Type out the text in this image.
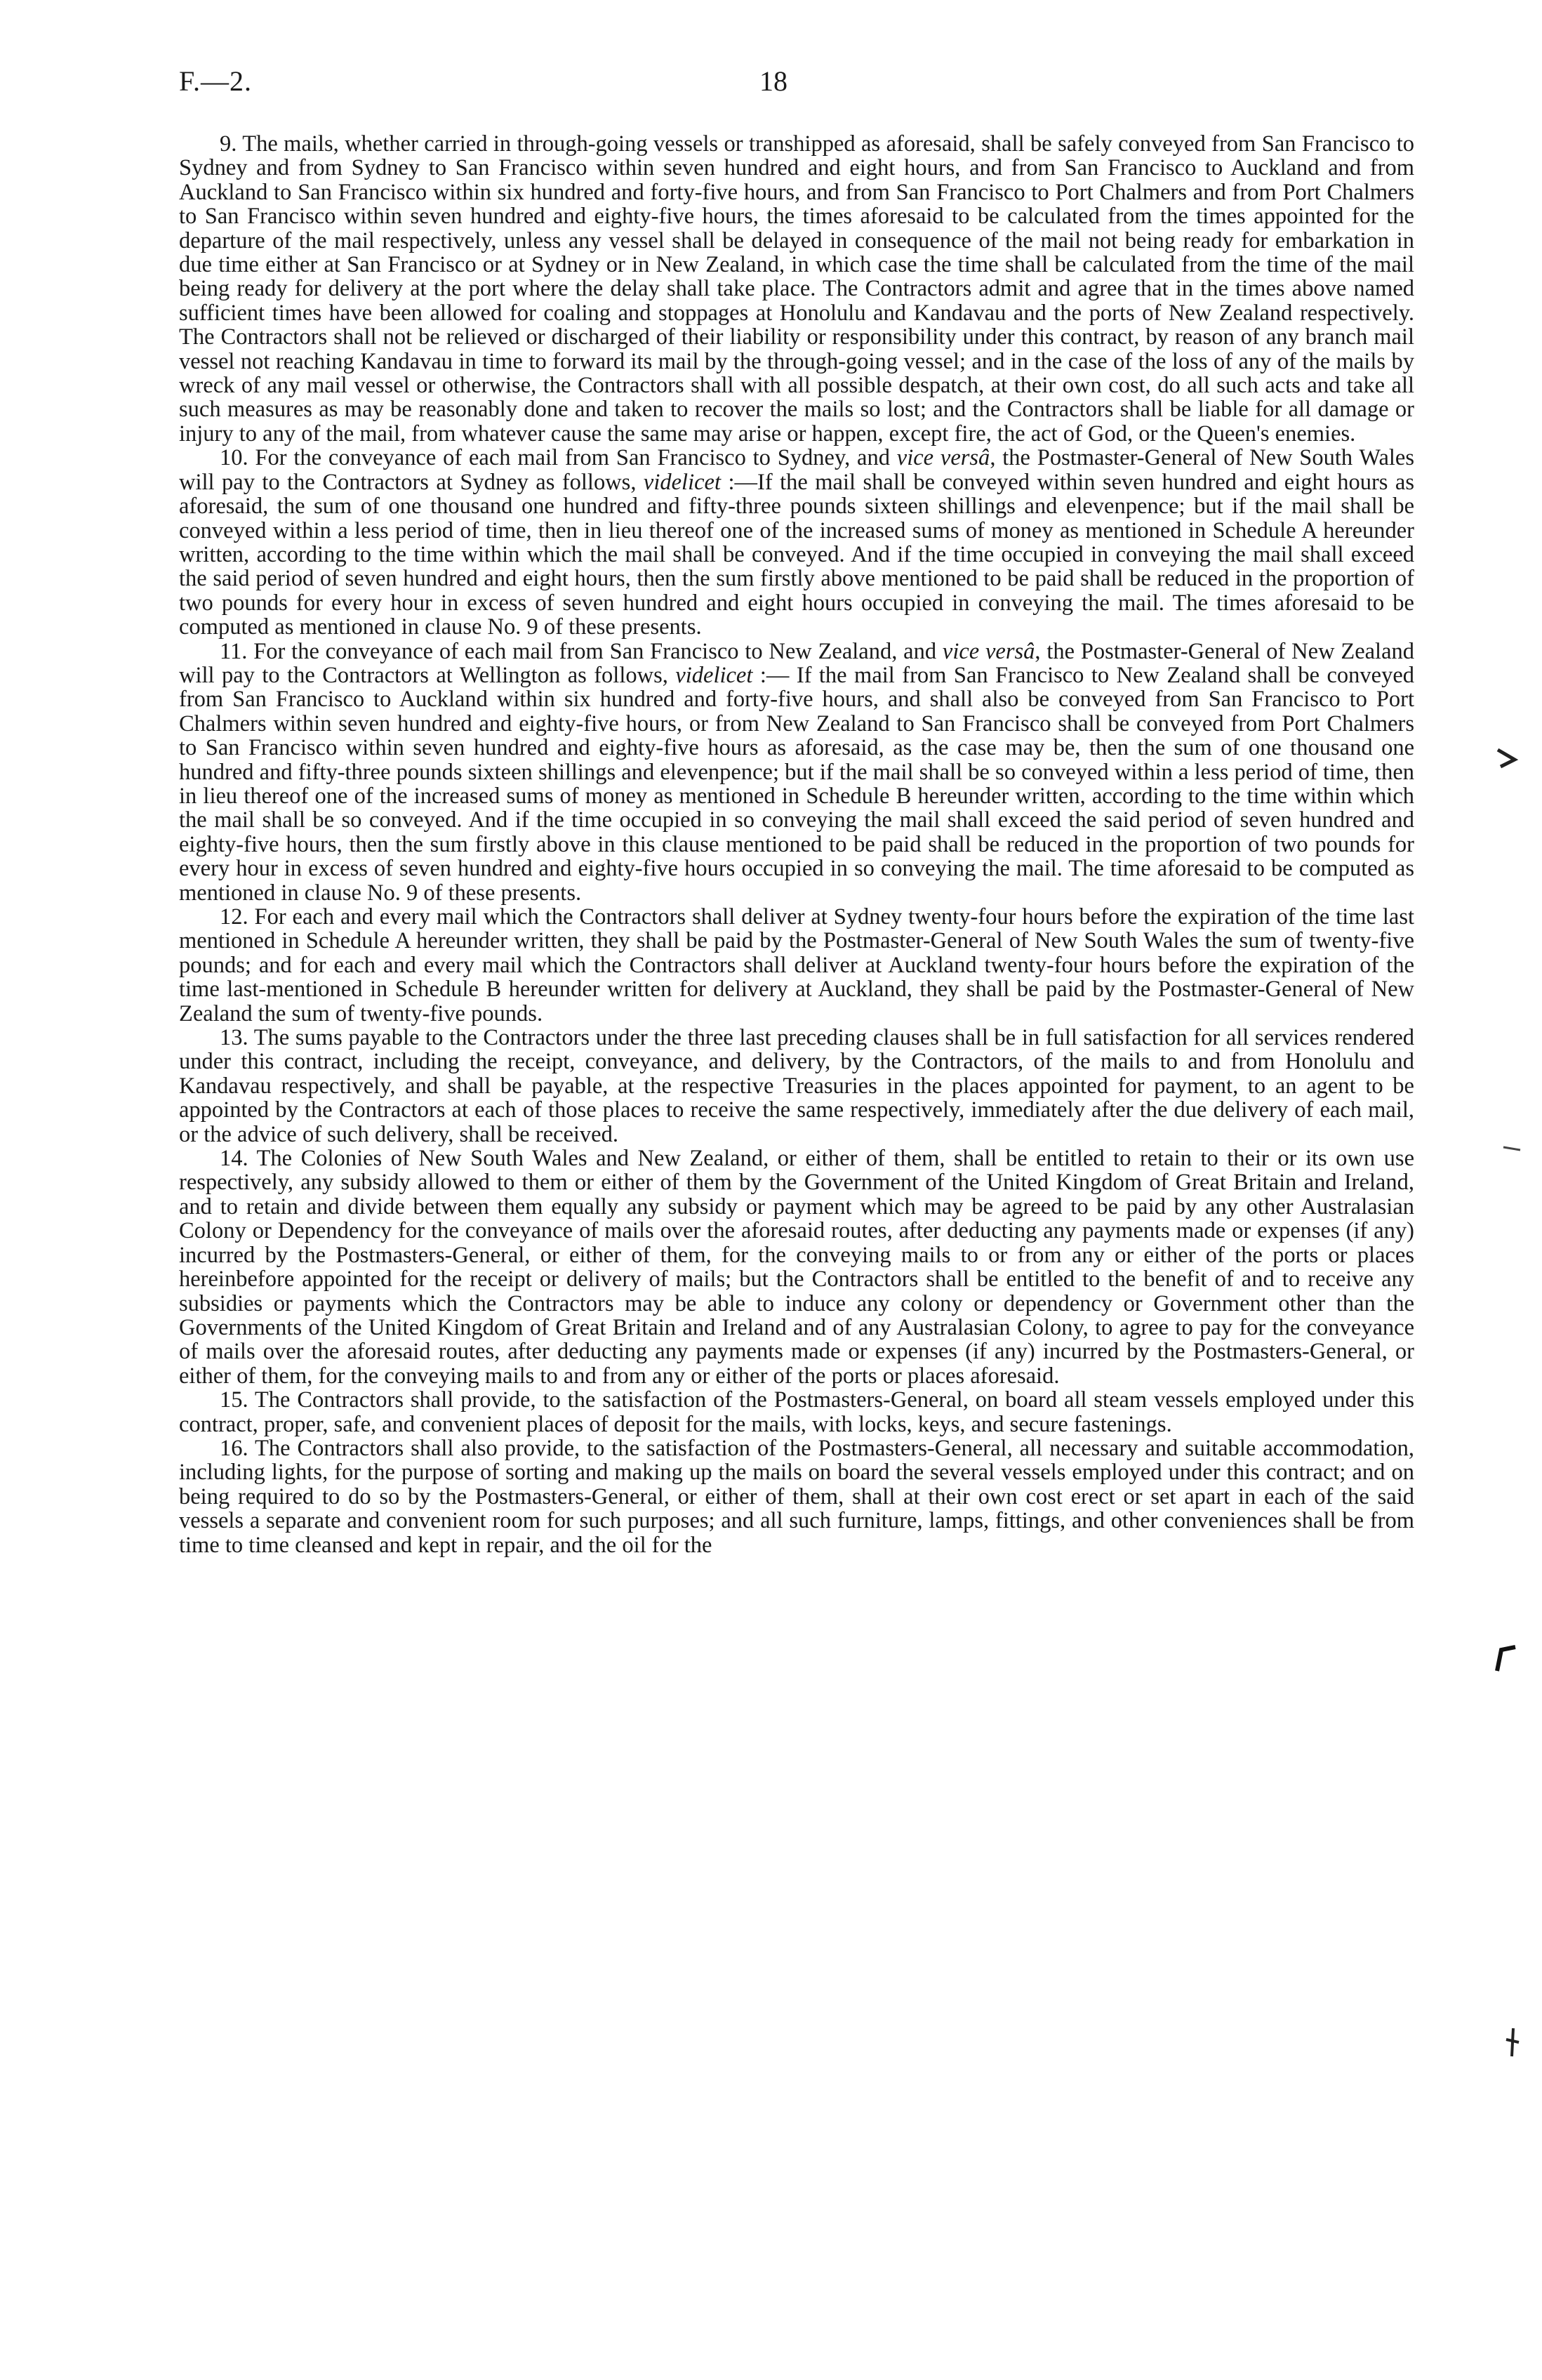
F.—2.	18

9. The mails, whether carried in through-going vessels or transhipped as aforesaid, shall be safely conveyed from San Francisco to Sydney and from Sydney to San Francisco within seven hundred and eight hours, and from San Francisco to Auckland and from Auckland to San Francisco within six hundred and forty-five hours, and from San Francisco to Port Chalmers and from Port Chalmers to San Francisco within seven hundred and eighty-five hours, the times aforesaid to be calculated from the times appointed for the departure of the mail respectively, unless any vessel shall be delayed in consequence of the mail not being ready for embarkation in due time either at San Francisco or at Sydney or in New Zealand, in which case the time shall be calculated from the time of the mail being ready for delivery at the port where the delay shall take place. The Contractors admit and agree that in the times above named sufficient times have been allowed for coaling and stoppages at Honolulu and Kandavau and the ports of New Zealand respectively. The Contractors shall not be relieved or discharged of their liability or responsibility under this contract, by reason of any branch mail vessel not reaching Kandavau in time to forward its mail by the through-going vessel; and in the case of the loss of any of the mails by wreck of any mail vessel or otherwise, the Contractors shall with all possible despatch, at their own cost, do all such acts and take all such measures as may be reasonably done and taken to recover the mails so lost; and the Contractors shall be liable for all damage or injury to any of the mail, from whatever cause the same may arise or happen, except fire, the act of God, or the Queen's enemies.

10. For the conveyance of each mail from San Francisco to Sydney, and vice versâ, the Postmaster-General of New South Wales will pay to the Contractors at Sydney as follows, videlicet :—If the mail shall be conveyed within seven hundred and eight hours as aforesaid, the sum of one thousand one hundred and fifty-three pounds sixteen shillings and elevenpence; but if the mail shall be conveyed within a less period of time, then in lieu thereof one of the increased sums of money as mentioned in Schedule A hereunder written, according to the time within which the mail shall be conveyed. And if the time occupied in conveying the mail shall exceed the said period of seven hundred and eight hours, then the sum firstly above mentioned to be paid shall be reduced in the proportion of two pounds for every hour in excess of seven hundred and eight hours occupied in conveying the mail. The times aforesaid to be computed as mentioned in clause No. 9 of these presents.

11. For the conveyance of each mail from San Francisco to New Zealand, and vice versâ, the Postmaster-General of New Zealand will pay to the Contractors at Wellington as follows, videlicet :— If the mail from San Francisco to New Zealand shall be conveyed from San Francisco to Auckland within six hundred and forty-five hours, and shall also be conveyed from San Francisco to Port Chalmers within seven hundred and eighty-five hours, or from New Zealand to San Francisco shall be conveyed from Port Chalmers to San Francisco within seven hundred and eighty-five hours as aforesaid, as the case may be, then the sum of one thousand one hundred and fifty-three pounds sixteen shillings and elevenpence; but if the mail shall be so conveyed within a less period of time, then in lieu thereof one of the increased sums of money as mentioned in Schedule B hereunder written, according to the time within which the mail shall be so conveyed. And if the time occupied in so conveying the mail shall exceed the said period of seven hundred and eighty-five hours, then the sum firstly above in this clause mentioned to be paid shall be reduced in the proportion of two pounds for every hour in excess of seven hundred and eighty-five hours occupied in so conveying the mail. The time aforesaid to be computed as mentioned in clause No. 9 of these presents.

12. For each and every mail which the Contractors shall deliver at Sydney twenty-four hours before the expiration of the time last mentioned in Schedule A hereunder written, they shall be paid by the Postmaster-General of New South Wales the sum of twenty-five pounds; and for each and every mail which the Contractors shall deliver at Auckland twenty-four hours before the expiration of the time last-mentioned in Schedule B hereunder written for delivery at Auckland, they shall be paid by the Postmaster-General of New Zealand the sum of twenty-five pounds.

13. The sums payable to the Contractors under the three last preceding clauses shall be in full satisfaction for all services rendered under this contract, including the receipt, conveyance, and delivery, by the Contractors, of the mails to and from Honolulu and Kandavau respectively, and shall be payable, at the respective Treasuries in the places appointed for payment, to an agent to be appointed by the Contractors at each of those places to receive the same respectively, immediately after the due delivery of each mail, or the advice of such delivery, shall be received.

14. The Colonies of New South Wales and New Zealand, or either of them, shall be entitled to retain to their or its own use respectively, any subsidy allowed to them or either of them by the Government of the United Kingdom of Great Britain and Ireland, and to retain and divide between them equally any subsidy or payment which may be agreed to be paid by any other Australasian Colony or Dependency for the conveyance of mails over the aforesaid routes, after deducting any payments made or expenses (if any) incurred by the Postmasters-General, or either of them, for the conveying mails to or from any or either of the ports or places hereinbefore appointed for the receipt or delivery of mails; but the Contractors shall be entitled to the benefit of and to receive any subsidies or payments which the Contractors may be able to induce any colony or dependency or Government other than the Governments of the United Kingdom of Great Britain and Ireland and of any Australasian Colony, to agree to pay for the conveyance of mails over the aforesaid routes, after deducting any payments made or expenses (if any) incurred by the Postmasters-General, or either of them, for the conveying mails to and from any or either of the ports or places aforesaid.

15. The Contractors shall provide, to the satisfaction of the Postmasters-General, on board all steam vessels employed under this contract, proper, safe, and convenient places of deposit for the mails, with locks, keys, and secure fastenings.

16. The Contractors shall also provide, to the satisfaction of the Postmasters-General, all necessary and suitable accommodation, including lights, for the purpose of sorting and making up the mails on board the several vessels employed under this contract; and on being required to do so by the Postmasters-General, or either of them, shall at their own cost erect or set apart in each of the said vessels a separate and convenient room for such purposes; and all such furniture, lamps, fittings, and other conveniences shall be from time to time cleansed and kept in repair, and the oil for the
